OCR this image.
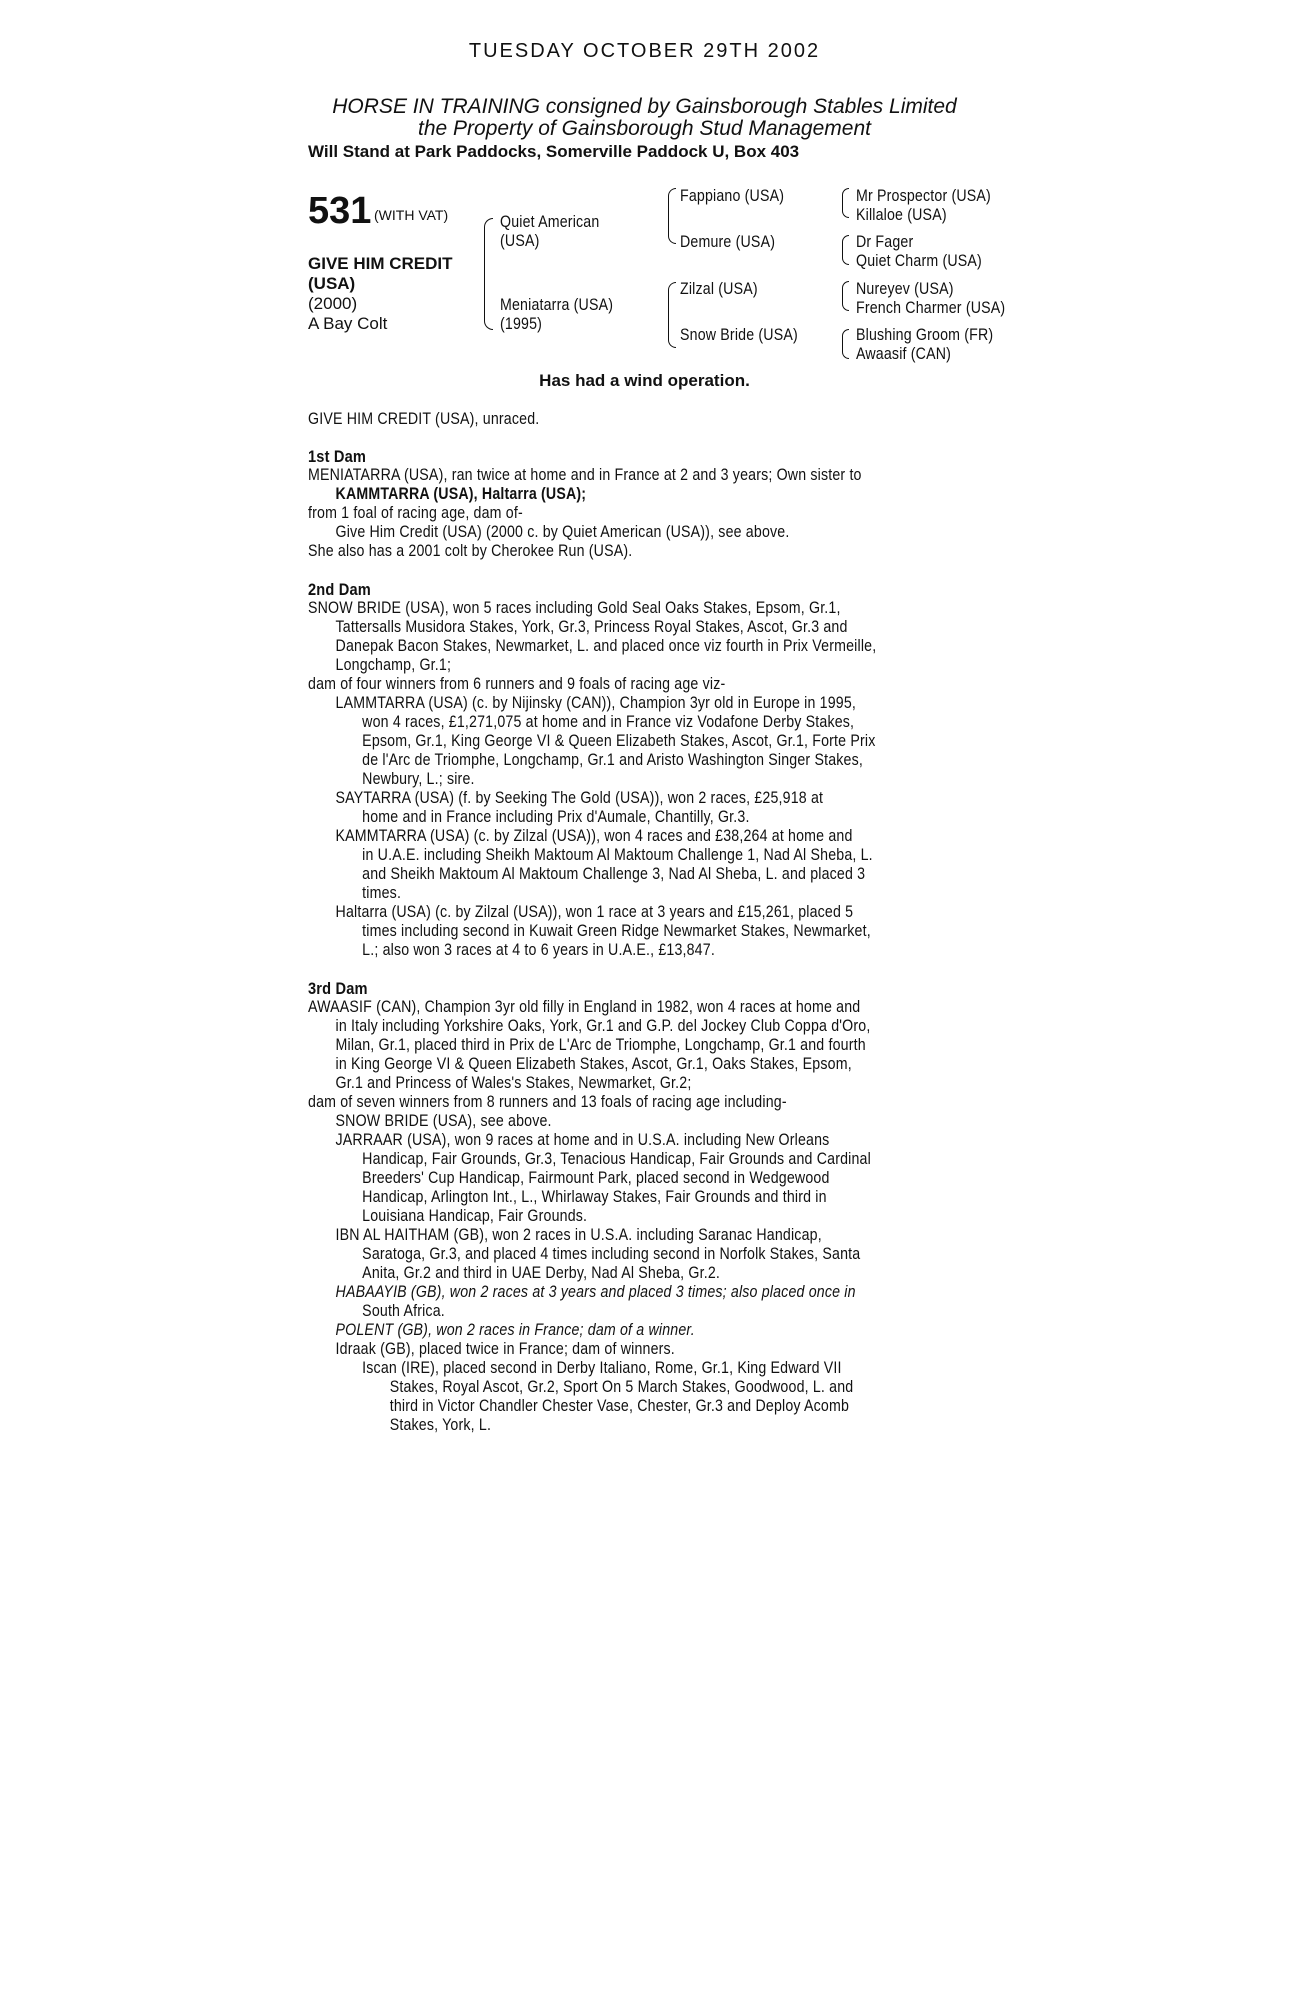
TUESDAY OCTOBER 29TH 2002
HORSE IN TRAINING consigned by Gainsborough Stables Limited
the Property of Gainsborough Stud Management
Will Stand at Park Paddocks, Somerville Paddock U, Box 403
531 (WITH VAT)
GIVE HIM CREDIT
(USA)
(2000)
A Bay Colt
Quiet American
(USA)
Meniatarra (USA)
(1995)
Fappiano (USA)
Demure (USA)
Zilzal (USA)
Snow Bride (USA)
Mr Prospector (USA)
Killaloe (USA)
Dr Fager
Quiet Charm (USA)
Nureyev (USA)
French Charmer (USA)
Blushing Groom (FR)
Awaasif (CAN)
Has had a wind operation.
GIVE HIM CREDIT (USA), unraced.
1st Dam
MENIATARRA (USA), ran twice at home and in France at 2 and 3 years; Own sister to
KAMMTARRA (USA), Haltarra (USA);
from 1 foal of racing age, dam of-
Give Him Credit (USA) (2000 c. by Quiet American (USA)), see above.
She also has a 2001 colt by Cherokee Run (USA).
2nd Dam
SNOW BRIDE (USA), won 5 races including Gold Seal Oaks Stakes, Epsom, Gr.1,
Tattersalls Musidora Stakes, York, Gr.3, Princess Royal Stakes, Ascot, Gr.3 and
Danepak Bacon Stakes, Newmarket, L. and placed once viz fourth in Prix Vermeille,
Longchamp, Gr.1;
dam of four winners from 6 runners and 9 foals of racing age viz-
LAMMTARRA (USA) (c. by Nijinsky (CAN)), Champion 3yr old in Europe in 1995,
won 4 races, £1,271,075 at home and in France viz Vodafone Derby Stakes,
Epsom, Gr.1, King George VI & Queen Elizabeth Stakes, Ascot, Gr.1, Forte Prix
de l'Arc de Triomphe, Longchamp, Gr.1 and Aristo Washington Singer Stakes,
Newbury, L.; sire.
SAYTARRA (USA) (f. by Seeking The Gold (USA)), won 2 races, £25,918 at
home and in France including Prix d'Aumale, Chantilly, Gr.3.
KAMMTARRA (USA) (c. by Zilzal (USA)), won 4 races and £38,264 at home and
in U.A.E. including Sheikh Maktoum Al Maktoum Challenge 1, Nad Al Sheba, L.
and Sheikh Maktoum Al Maktoum Challenge 3, Nad Al Sheba, L. and placed 3
times.
Haltarra (USA) (c. by Zilzal (USA)), won 1 race at 3 years and £15,261, placed 5
times including second in Kuwait Green Ridge Newmarket Stakes, Newmarket,
L.; also won 3 races at 4 to 6 years in U.A.E., £13,847.
3rd Dam
AWAASIF (CAN), Champion 3yr old filly in England in 1982, won 4 races at home and
in Italy including Yorkshire Oaks, York, Gr.1 and G.P. del Jockey Club Coppa d'Oro,
Milan, Gr.1, placed third in Prix de L'Arc de Triomphe, Longchamp, Gr.1 and fourth
in King George VI & Queen Elizabeth Stakes, Ascot, Gr.1, Oaks Stakes, Epsom,
Gr.1 and Princess of Wales's Stakes, Newmarket, Gr.2;
dam of seven winners from 8 runners and 13 foals of racing age including-
SNOW BRIDE (USA), see above.
JARRAAR (USA), won 9 races at home and in U.S.A. including New Orleans
Handicap, Fair Grounds, Gr.3, Tenacious Handicap, Fair Grounds and Cardinal
Breeders' Cup Handicap, Fairmount Park, placed second in Wedgewood
Handicap, Arlington Int., L., Whirlaway Stakes, Fair Grounds and third in
Louisiana Handicap, Fair Grounds.
IBN AL HAITHAM (GB), won 2 races in U.S.A. including Saranac Handicap,
Saratoga, Gr.3, and placed 4 times including second in Norfolk Stakes, Santa
Anita, Gr.2 and third in UAE Derby, Nad Al Sheba, Gr.2.
HABAAYIB (GB), won 2 races at 3 years and placed 3 times; also placed once in
South Africa.
POLENT (GB), won 2 races in France; dam of a winner.
Idraak (GB), placed twice in France; dam of winners.
Iscan (IRE), placed second in Derby Italiano, Rome, Gr.1, King Edward VII
Stakes, Royal Ascot, Gr.2, Sport On 5 March Stakes, Goodwood, L. and
third in Victor Chandler Chester Vase, Chester, Gr.3 and Deploy Acomb
Stakes, York, L.
